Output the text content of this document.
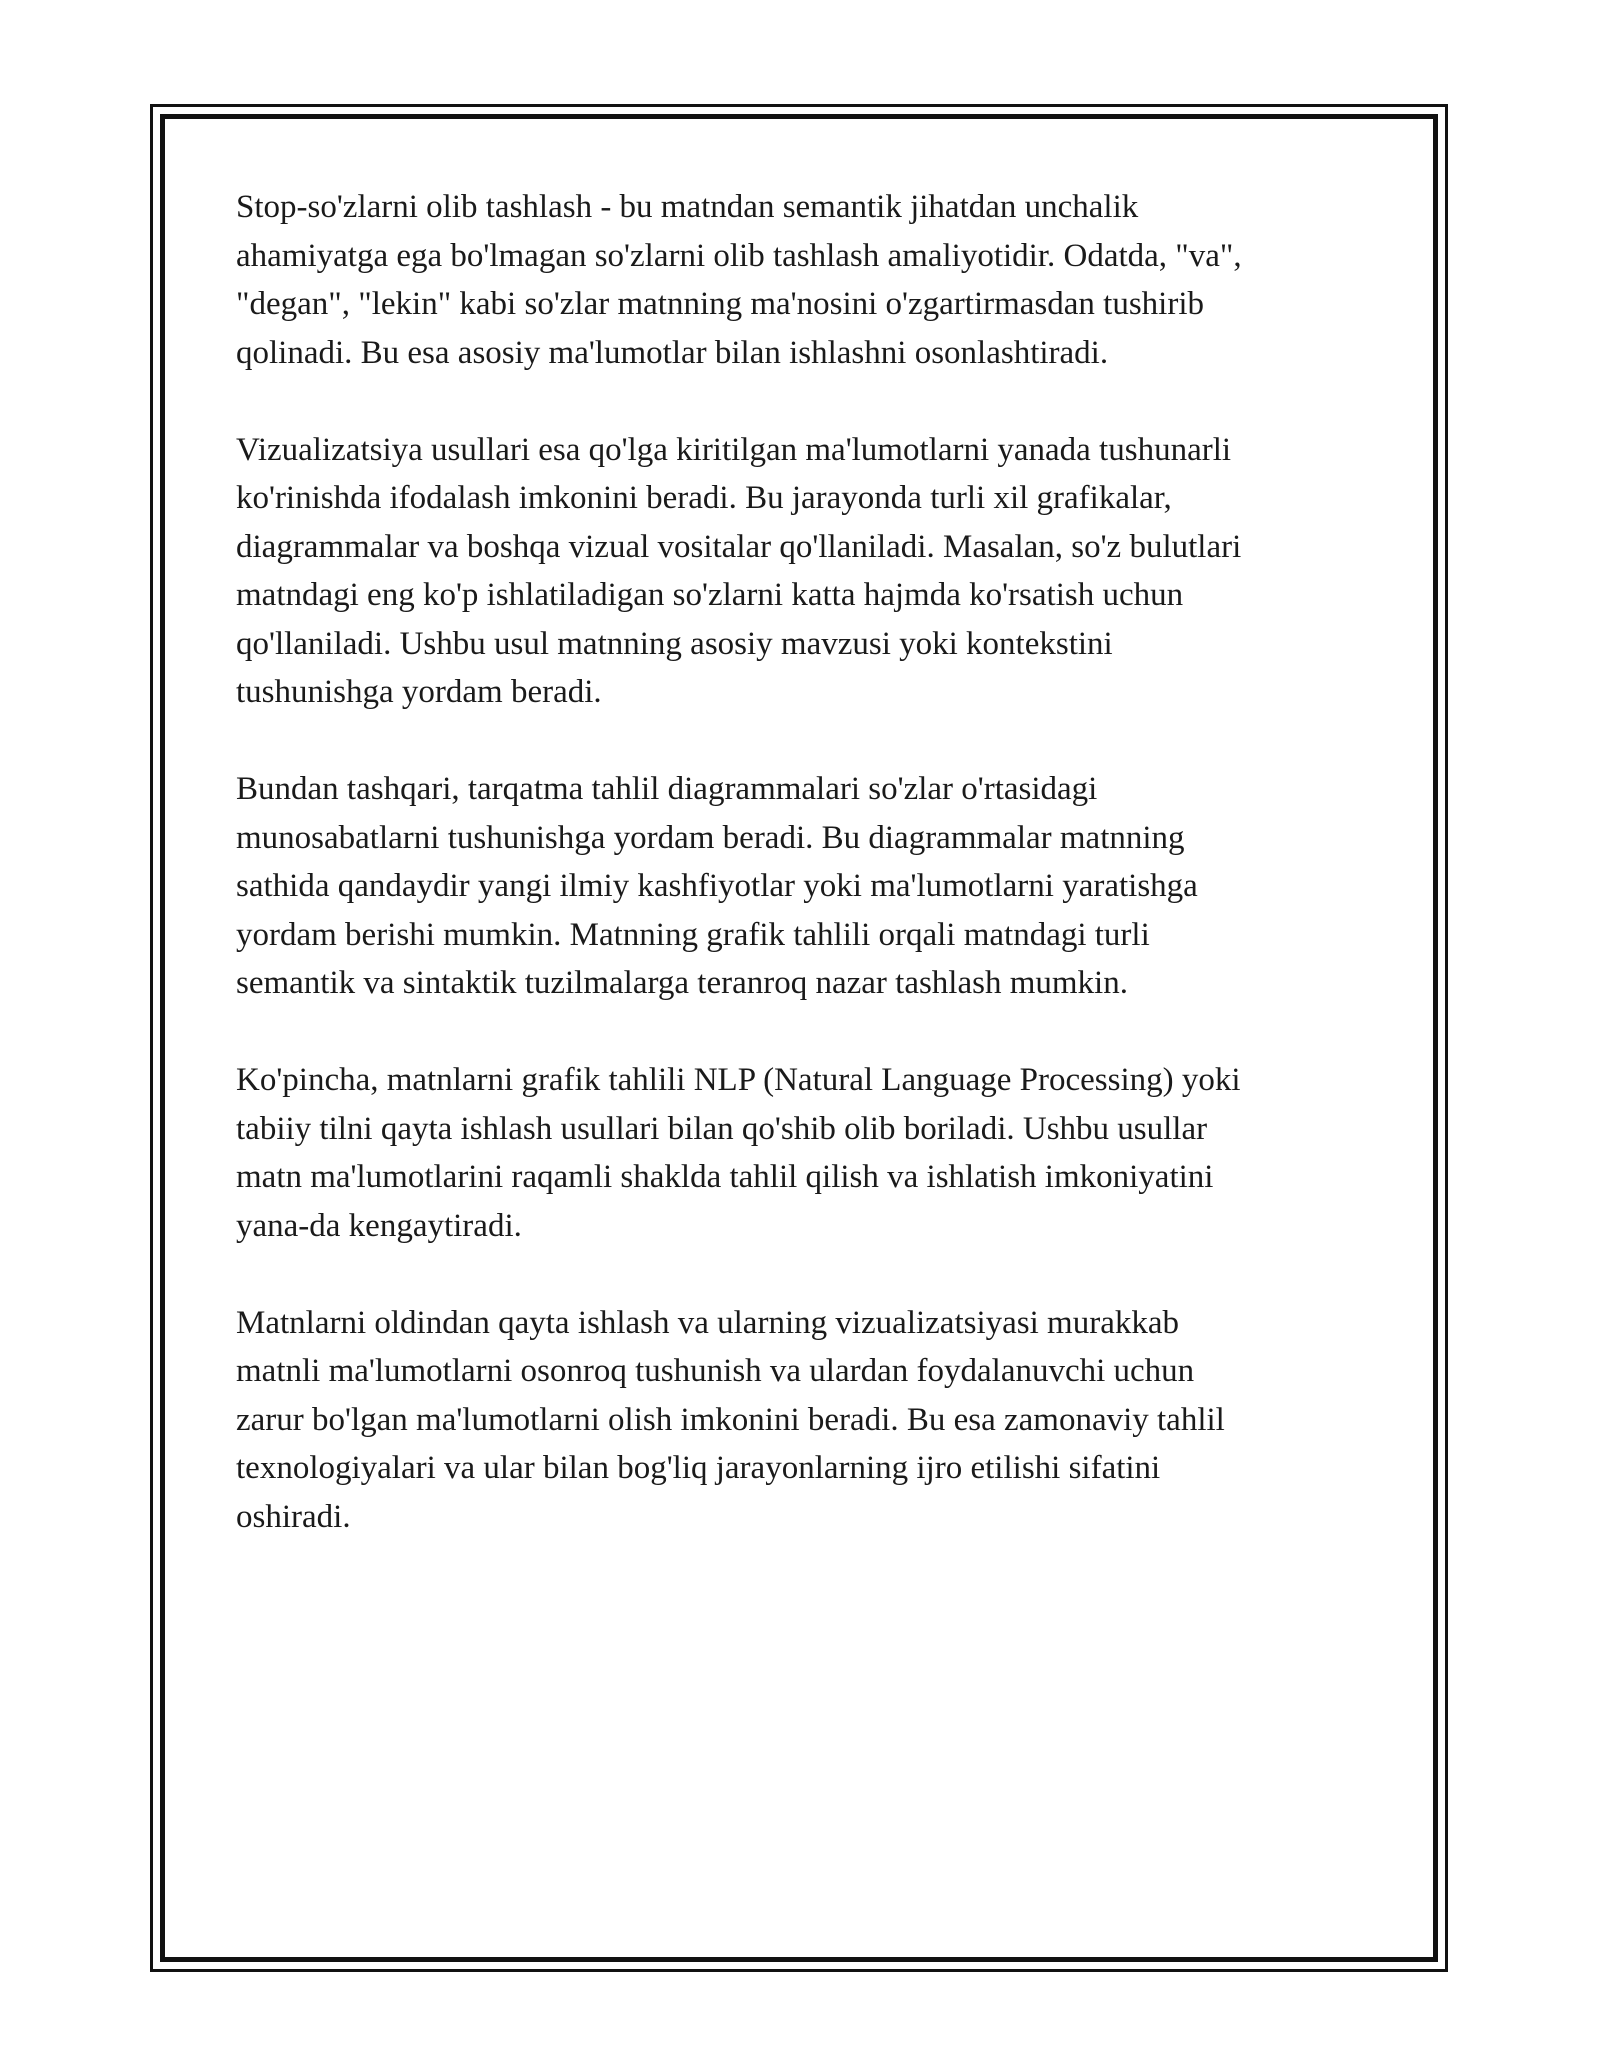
Stop-so'zlarni olib tashlash - bu matndan semantik jihatdan unchalik
ahamiyatga ega bo'lmagan so'zlarni olib tashlash amaliyotidir. Odatda, "va",
"degan", "lekin" kabi so'zlar matnning ma'nosini o'zgartirmasdan tushirib
qolinadi. Bu esa asosiy ma'lumotlar bilan ishlashni osonlashtiradi.

Vizualizatsiya usullari esa qo'lga kiritilgan ma'lumotlarni yanada tushunarli
ko'rinishda ifodalash imkonini beradi. Bu jarayonda turli xil grafikalar,
diagrammalar va boshqa vizual vositalar qo'llaniladi. Masalan, so'z bulutlari
matndagi eng ko'p ishlatiladigan so'zlarni katta hajmda ko'rsatish uchun
qo'llaniladi. Ushbu usul matnning asosiy mavzusi yoki kontekstini
tushunishga yordam beradi.

Bundan tashqari, tarqatma tahlil diagrammalari so'zlar o'rtasidagi
munosabatlarni tushunishga yordam beradi. Bu diagrammalar matnning
sathida qandaydir yangi ilmiy kashfiyotlar yoki ma'lumotlarni yaratishga
yordam berishi mumkin. Matnning grafik tahlili orqali matndagi turli
semantik va sintaktik tuzilmalarga teranroq nazar tashlash mumkin.

Ko'pincha, matnlarni grafik tahlili NLP (Natural Language Processing) yoki
tabiiy tilni qayta ishlash usullari bilan qo'shib olib boriladi. Ushbu usullar
matn ma'lumotlarini raqamli shaklda tahlil qilish va ishlatish imkoniyatini
yana-da kengaytiradi.

Matnlarni oldindan qayta ishlash va ularning vizualizatsiyasi murakkab
matnli ma'lumotlarni osonroq tushunish va ulardan foydalanuvchi uchun
zarur bo'lgan ma'lumotlarni olish imkonini beradi. Bu esa zamonaviy tahlil
texnologiyalari va ular bilan bog'liq jarayonlarning ijro etilishi sifatini
oshiradi.
